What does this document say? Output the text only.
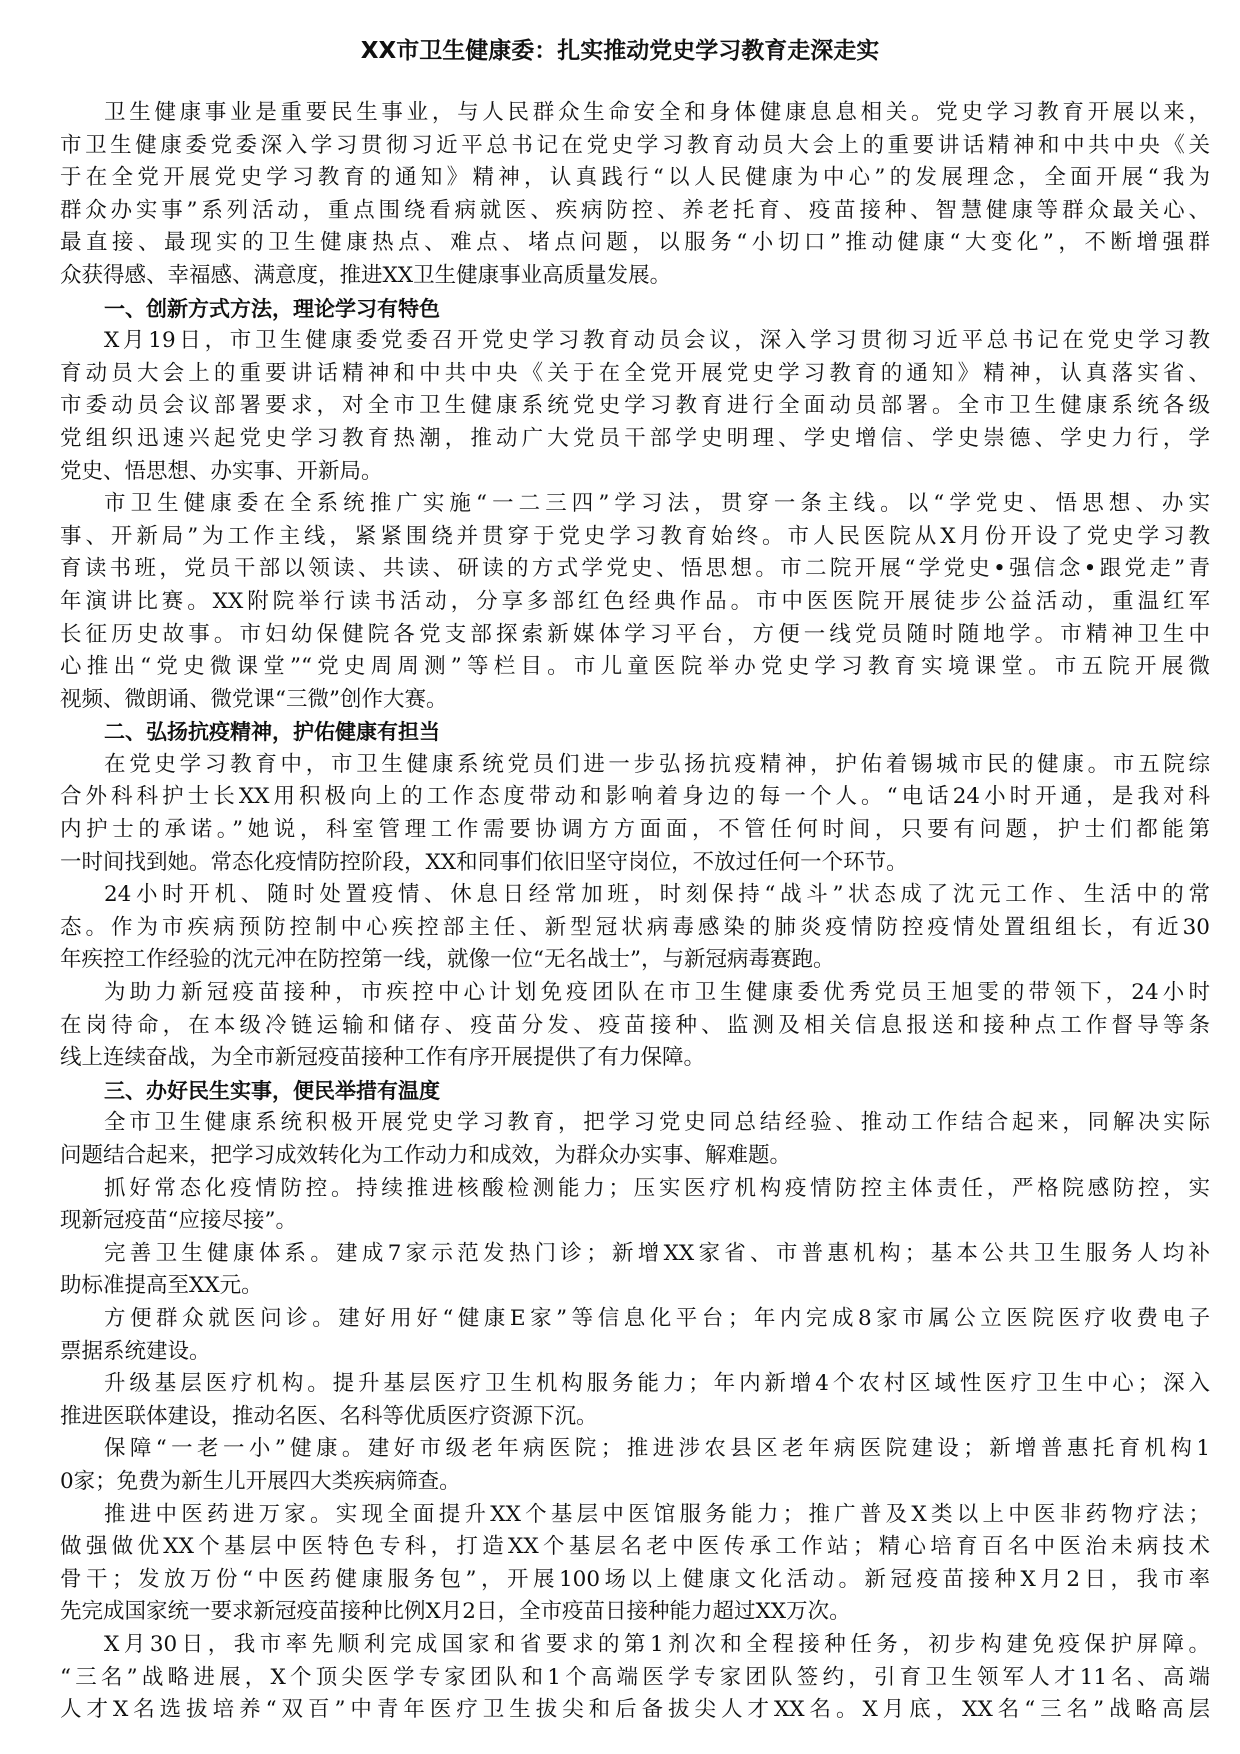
XX市卫生健康委：扎实推动党史学习教育走深走实
卫生健康事业是重要民生事业，与人民群众生命安全和身体健康息息相关。党史学习教育开展以来，
市卫生健康委党委深入学习贯彻习近平总书记在党史学习教育动员大会上的重要讲话精神和中共中央《关
于在全党开展党史学习教育的通知》精神，认真践行“以人民健康为中心”的发展理念，全面开展“我为
群众办实事”系列活动，重点围绕看病就医、疾病防控、养老托育、疫苗接种、智慧健康等群众最关心、
最直接、最现实的卫生健康热点、难点、堵点问题，以服务“小切口”推动健康“大变化”，不断增强群
众获得感、幸福感、满意度，推进XX卫生健康事业高质量发展。
一、创新方式方法，理论学习有特色
X月19日，市卫生健康委党委召开党史学习教育动员会议，深入学习贯彻习近平总书记在党史学习教
育动员大会上的重要讲话精神和中共中央《关于在全党开展党史学习教育的通知》精神，认真落实省、
市委动员会议部署要求，对全市卫生健康系统党史学习教育进行全面动员部署。全市卫生健康系统各级
党组织迅速兴起党史学习教育热潮，推动广大党员干部学史明理、学史增信、学史崇德、学史力行，学
党史、悟思想、办实事、开新局。
市卫生健康委在全系统推广实施“一二三四”学习法，贯穿一条主线。以“学党史、悟思想、办实
事、开新局”为工作主线，紧紧围绕并贯穿于党史学习教育始终。市人民医院从X月份开设了党史学习教
育读书班，党员干部以领读、共读、研读的方式学党史、悟思想。市二院开展“学党史•强信念•跟党走”青
年演讲比赛。XX附院举行读书活动，分享多部红色经典作品。市中医医院开展徒步公益活动，重温红军
长征历史故事。市妇幼保健院各党支部探索新媒体学习平台，方便一线党员随时随地学。市精神卫生中
心推出“党史微课堂”“党史周周测”等栏目。市儿童医院举办党史学习教育实境课堂。市五院开展微
视频、微朗诵、微党课“三微”创作大赛。
二、弘扬抗疫精神，护佑健康有担当
在党史学习教育中，市卫生健康系统党员们进一步弘扬抗疫精神，护佑着锡城市民的健康。市五院综
合外科科护士长XX用积极向上的工作态度带动和影响着身边的每一个人。“电话24小时开通，是我对科
内护士的承诺。”她说，科室管理工作需要协调方方面面，不管任何时间，只要有问题，护士们都能第
一时间找到她。常态化疫情防控阶段，XX和同事们依旧坚守岗位，不放过任何一个环节。
24小时开机、随时处置疫情、休息日经常加班，时刻保持“战斗”状态成了沈元工作、生活中的常
态。作为市疾病预防控制中心疾控部主任、新型冠状病毒感染的肺炎疫情防控疫情处置组组长，有近30
年疾控工作经验的沈元冲在防控第一线，就像一位“无名战士”，与新冠病毒赛跑。
为助力新冠疫苗接种，市疾控中心计划免疫团队在市卫生健康委优秀党员王旭雯的带领下，24小时
在岗待命，在本级冷链运输和储存、疫苗分发、疫苗接种、监测及相关信息报送和接种点工作督导等条
线上连续奋战，为全市新冠疫苗接种工作有序开展提供了有力保障。
三、办好民生实事，便民举措有温度
全市卫生健康系统积极开展党史学习教育，把学习党史同总结经验、推动工作结合起来，同解决实际
问题结合起来，把学习成效转化为工作动力和成效，为群众办实事、解难题。
抓好常态化疫情防控。持续推进核酸检测能力；压实医疗机构疫情防控主体责任，严格院感防控，实
现新冠疫苗“应接尽接”。
完善卫生健康体系。建成7家示范发热门诊；新增XX家省、市普惠机构；基本公共卫生服务人均补
助标准提高至XX元。
方便群众就医问诊。建好用好“健康E家”等信息化平台；年内完成8家市属公立医院医疗收费电子
票据系统建设。
升级基层医疗机构。提升基层医疗卫生机构服务能力；年内新增4个农村区域性医疗卫生中心；深入
推进医联体建设，推动名医、名科等优质医疗资源下沉。
保障“一老一小”健康。建好市级老年病医院；推进涉农县区老年病医院建设；新增普惠托育机构1
0家；免费为新生儿开展四大类疾病筛查。
推进中医药进万家。实现全面提升XX个基层中医馆服务能力；推广普及X类以上中医非药物疗法；
做强做优XX个基层中医特色专科，打造XX个基层名老中医传承工作站；精心培育百名中医治未病技术
骨干；发放万份“中医药健康服务包”，开展100场以上健康文化活动。新冠疫苗接种X月2日，我市率
先完成国家统一要求新冠疫苗接种比例X月2日，全市疫苗日接种能力超过XX万次。
X月30日，我市率先顺利完成国家和省要求的第1剂次和全程接种任务，初步构建免疫保护屏障。
“三名”战略进展，X个顶尖医学专家团队和1个高端医学专家团队签约，引育卫生领军人才11名、高端
人才X名选拔培养“双百”中青年医疗卫生拔尖和后备拔尖人才XX名。X月底，XX名“三名”战略高层
